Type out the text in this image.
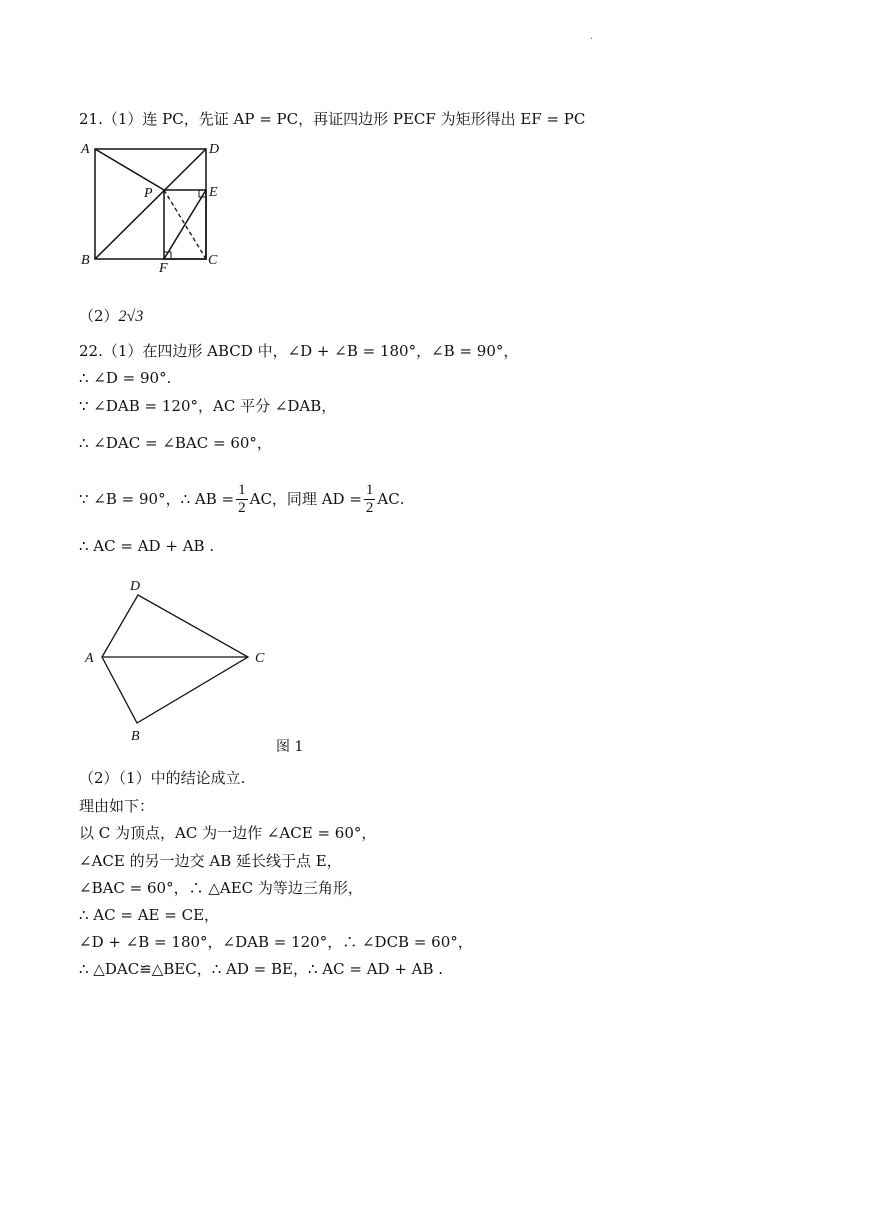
·
21.（1）连 PC，先证 AP = PC，再证四边形 PECF 为矩形得出 EF = PC
A	D
P	E
B
F
C
（2）2√3
22.（1）在四边形 ABCD 中，∠D + ∠B = 180°，∠B = 90°，
∴ ∠D = 90°.
∵ ∠DAB = 120°，AC 平分 ∠DAB，
∴ ∠DAC = ∠BAC = 60°，
∵ ∠B = 90°，∴ AB = $\frac{1}{2}$ AC ，同理 AD = $\frac{1}{2}$ AC .
∴ AC = AD + AB .
D
A	C
B
图 1
（2）（1）中的结论成立.
理由如下：
以 C 为顶点，AC 为一边作 ∠ACE = 60°，
∠ACE 的另一边交 AB 延长线于点 E，
∠BAC = 60°，∴ △AEC 为等边三角形，
∴ AC = AE = CE，
∠D + ∠B = 180°，∠DAB = 120°，∴ ∠DCB = 60°，
∴ △DAC≌△BEC，∴ AD = BE，∴ AC = AD + AB .
